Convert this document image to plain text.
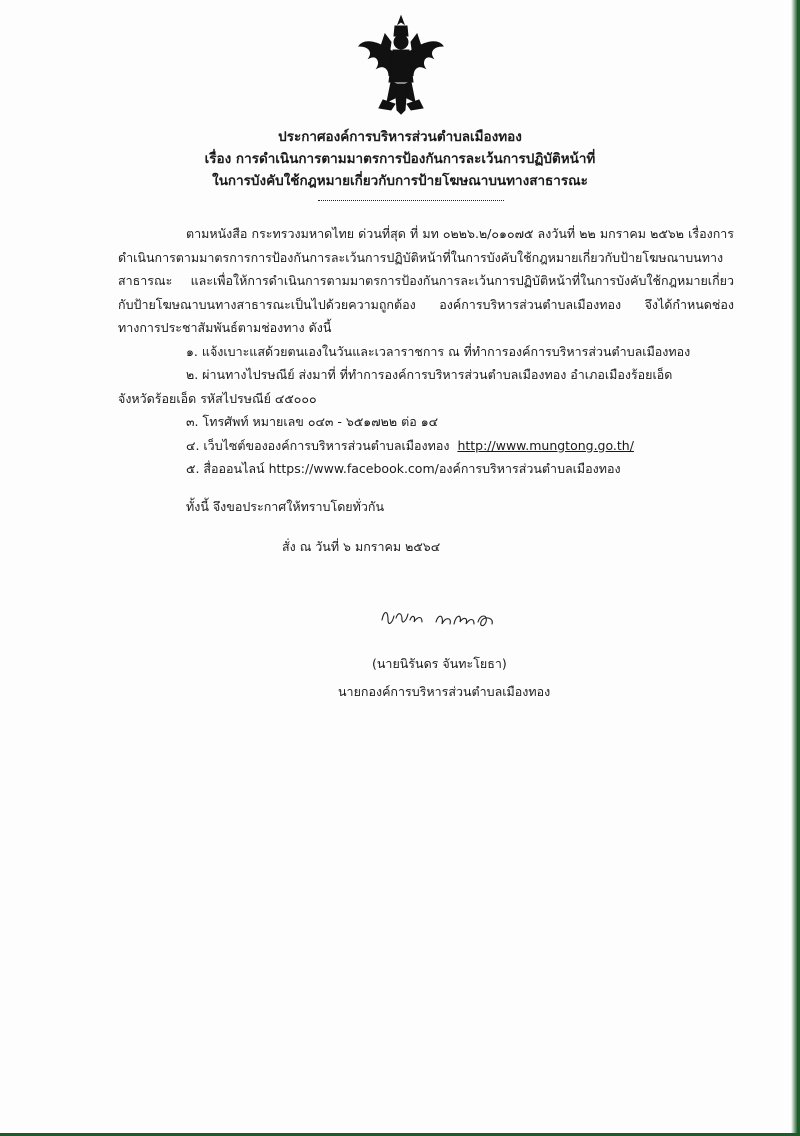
ประกาศองค์การบริหารส่วนตำบลเมืองทอง
เรื่อง การดำเนินการตามมาตรการป้องกันการละเว้นการปฏิบัติหน้าที่
ในการบังคับใช้กฎหมายเกี่ยวกับการป้ายโฆษณาบนทางสาธารณะ
ตามหนังสือ กระทรวงมหาดไทย ด่วนที่สุด ที่ มท ๐๒๒๖.๒/๐๑๐๗๕ ลงวันที่ ๒๒ มกราคม ๒๕๖๒ เรื่องการดำเนินการตามมาตรการการป้องกันการละเว้นการปฏิบัติหน้าที่ในการบังคับใช้กฎหมายเกี่ยวกับป้ายโฆษณาบนทางสาธารณะ และเพื่อให้การดำเนินการตามมาตรการป้องกันการละเว้นการปฏิบัติหน้าที่ในการบังคับใช้กฎหมายเกี่ยวกับป้ายโฆษณาบนทางสาธารณะเป็นไปด้วยความถูกต้อง องค์การบริหารส่วนตำบลเมืองทอง จึงได้กำหนดช่องทางการประชาสัมพันธ์ตามช่องทาง ดังนี้
๑. แจ้งเบาะแสด้วยตนเองในวันและเวลาราชการ ณ ที่ทำการองค์การบริหารส่วนตำบลเมืองทอง
๒. ผ่านทางไปรษณีย์ ส่งมาที่ ที่ทำการองค์การบริหารส่วนตำบลเมืองทอง อำเภอเมืองร้อยเอ็ด
จังหวัดร้อยเอ็ด รหัสไปรษณีย์ ๔๕๐๐๐
๓. โทรศัพท์ หมายเลข ๐๔๓ - ๖๕๑๗๒๒ ต่อ ๑๔
๔. เว็บไซต์ขององค์การบริหารส่วนตำบลเมืองทอง http://www.mungtong.go.th/
๕. สื่อออนไลน์ https://www.facebook.com/องค์การบริหารส่วนตำบลเมืองทอง
ทั้งนี้ จึงขอประกาศให้ทราบโดยทั่วกัน
สั่ง ณ วันที่ ๖ มกราคม ๒๕๖๔
(นายนิรันดร จันทะโยธา)
นายกองค์การบริหารส่วนตำบลเมืองทอง
